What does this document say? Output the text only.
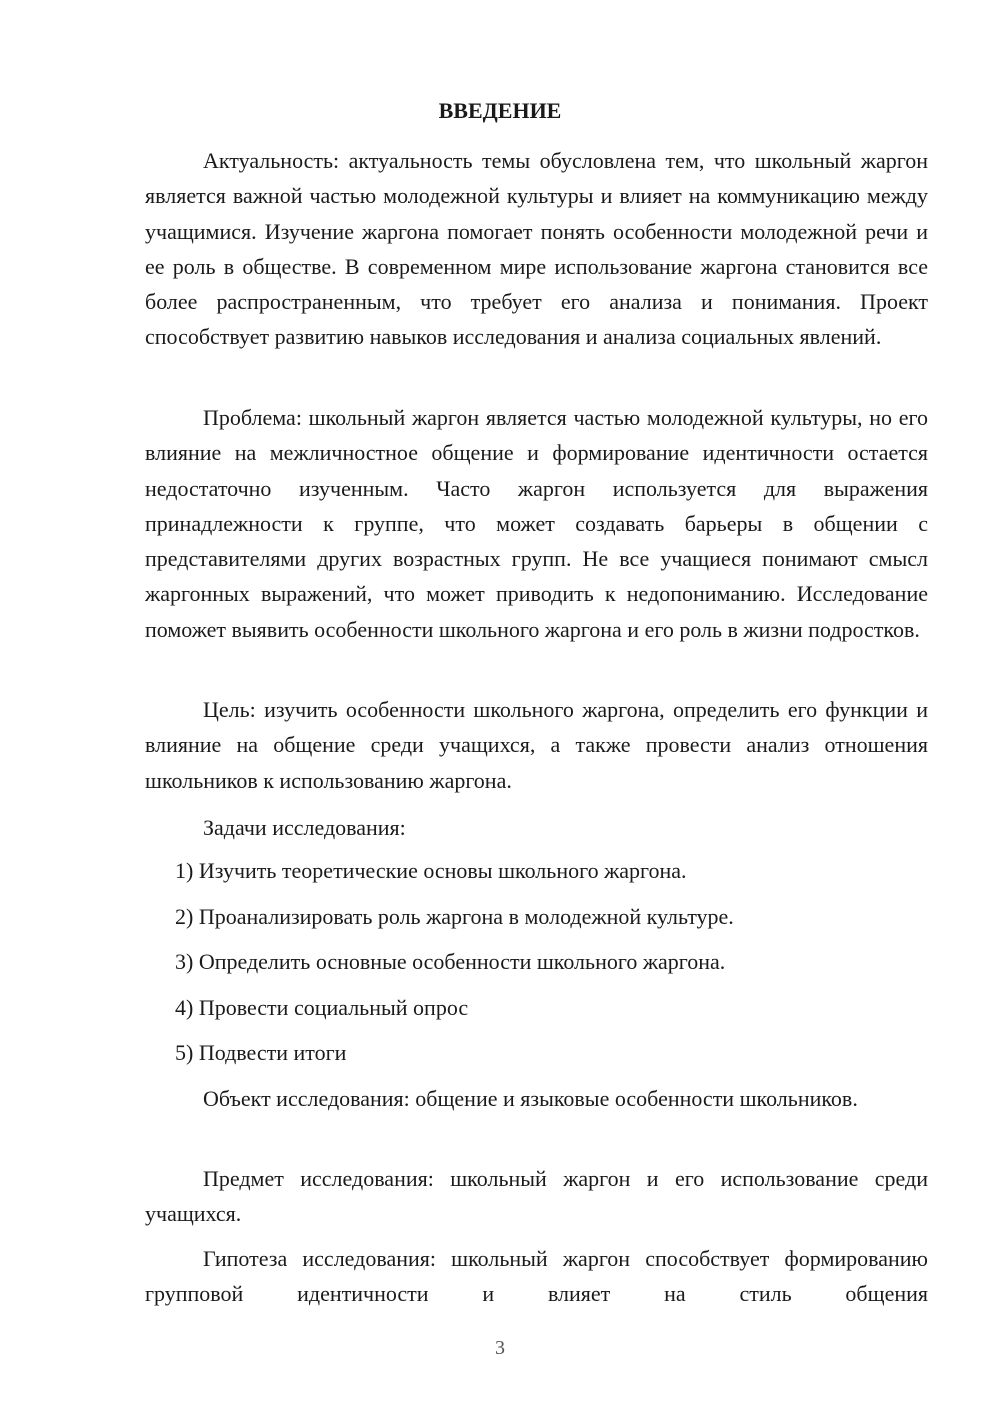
ВВЕДЕНИЕ

Актуальность: актуальность темы обусловлена тем, что школьный жаргон является важной частью молодежной культуры и влияет на коммуникацию между учащимися. Изучение жаргона помогает понять особенности молодежной речи и ее роль в обществе. В современном мире использование жаргона становится все более распространенным, что требует его анализа и понимания. Проект способствует развитию навыков исследования и анализа социальных явлений.

Проблема: школьный жаргон является частью молодежной культуры, но его влияние на межличностное общение и формирование идентичности остается недостаточно изученным. Часто жаргон используется для выражения принадлежности к группе, что может создавать барьеры в общении с представителями других возрастных групп. Не все учащиеся понимают смысл жаргонных выражений, что может приводить к недопониманию. Исследование поможет выявить особенности школьного жаргона и его роль в жизни подростков.

Цель: изучить особенности школьного жаргона, определить его функции и влияние на общение среди учащихся, а также провести анализ отношения школьников к использованию жаргона.

Задачи исследования:

1) Изучить теоретические основы школьного жаргона.
2) Проанализировать роль жаргона в молодежной культуре.
3) Определить основные особенности школьного жаргона.
4) Провести социальный опрос
5) Подвести итоги

Объект исследования: общение и языковые особенности школьников.

Предмет исследования: школьный жаргон и его использование среди учащихся.

Гипотеза исследования: школьный жаргон способствует формированию групповой идентичности и влияет на стиль общения

3
